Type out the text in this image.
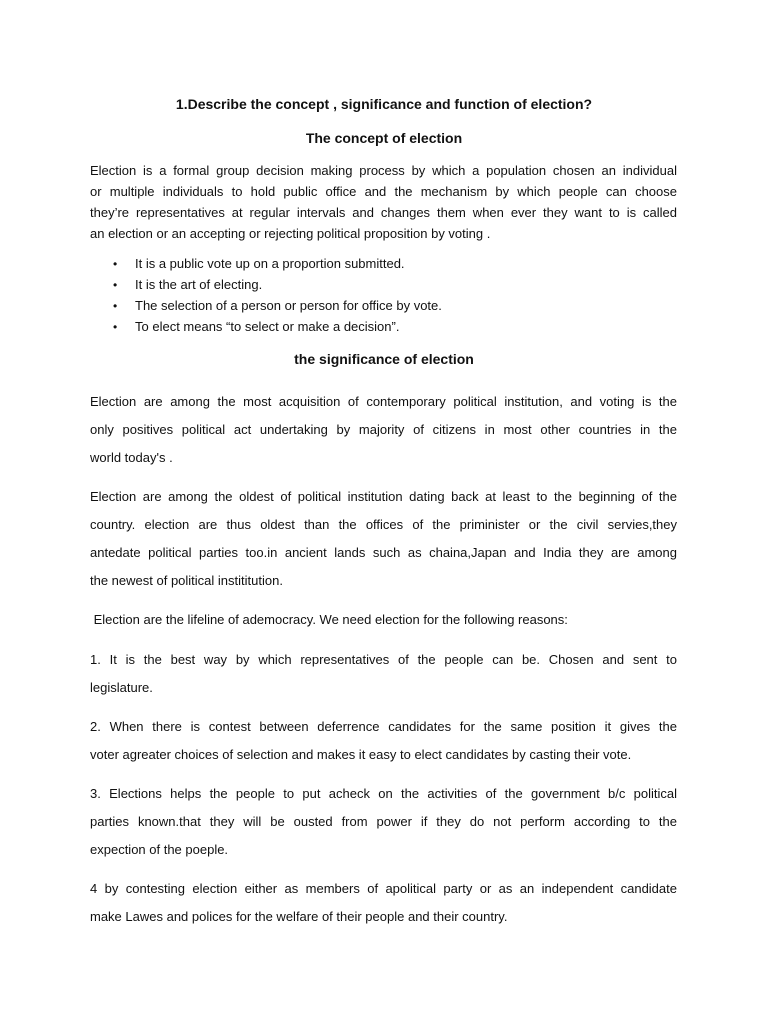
1.Describe the concept , significance and function of election?

The concept of election

Election is a formal group decision making process by which a population chosen an individual

or multiple individuals to hold public office and the mechanism by which people can choose

they’re representatives at regular intervals and changes them when ever they want to is called

an election or an accepting or rejecting political proposition by voting .

• It is a public vote up on a proportion submitted.

• It is the art of electing.

• The selection of a person or person for office by vote.

• To elect means “to select or make a decision”.

the significance of election

Election are among the most acquisition of contemporary political institution, and voting is the

only positives political act undertaking by majority of citizens in most other countries in the

world today's .

Election are among the oldest of political institution dating back at least to the beginning of the

country. election are thus oldest than the offices of the priminister or the civil servies,they

antedate political parties too.in ancient lands such as chaina,Japan and India they are among

the newest of political instititution.

Election are the lifeline of ademocracy. We need election for the following reasons:

1. It is the best way by which representatives of the people can be. Chosen and sent to

legislature.

2. When there is contest between deferrence candidates for the same position it gives the

voter agreater choices of selection and makes it easy to elect candidates by casting their vote.

3. Elections helps the people to put acheck on the activities of the government b/c political

parties known.that they will be ousted from power if they do not perform according to the

expection of the poeple.

4 by contesting election either as members of apolitical party or as an independent candidate

make Lawes and polices for the welfare of their people and their country.
